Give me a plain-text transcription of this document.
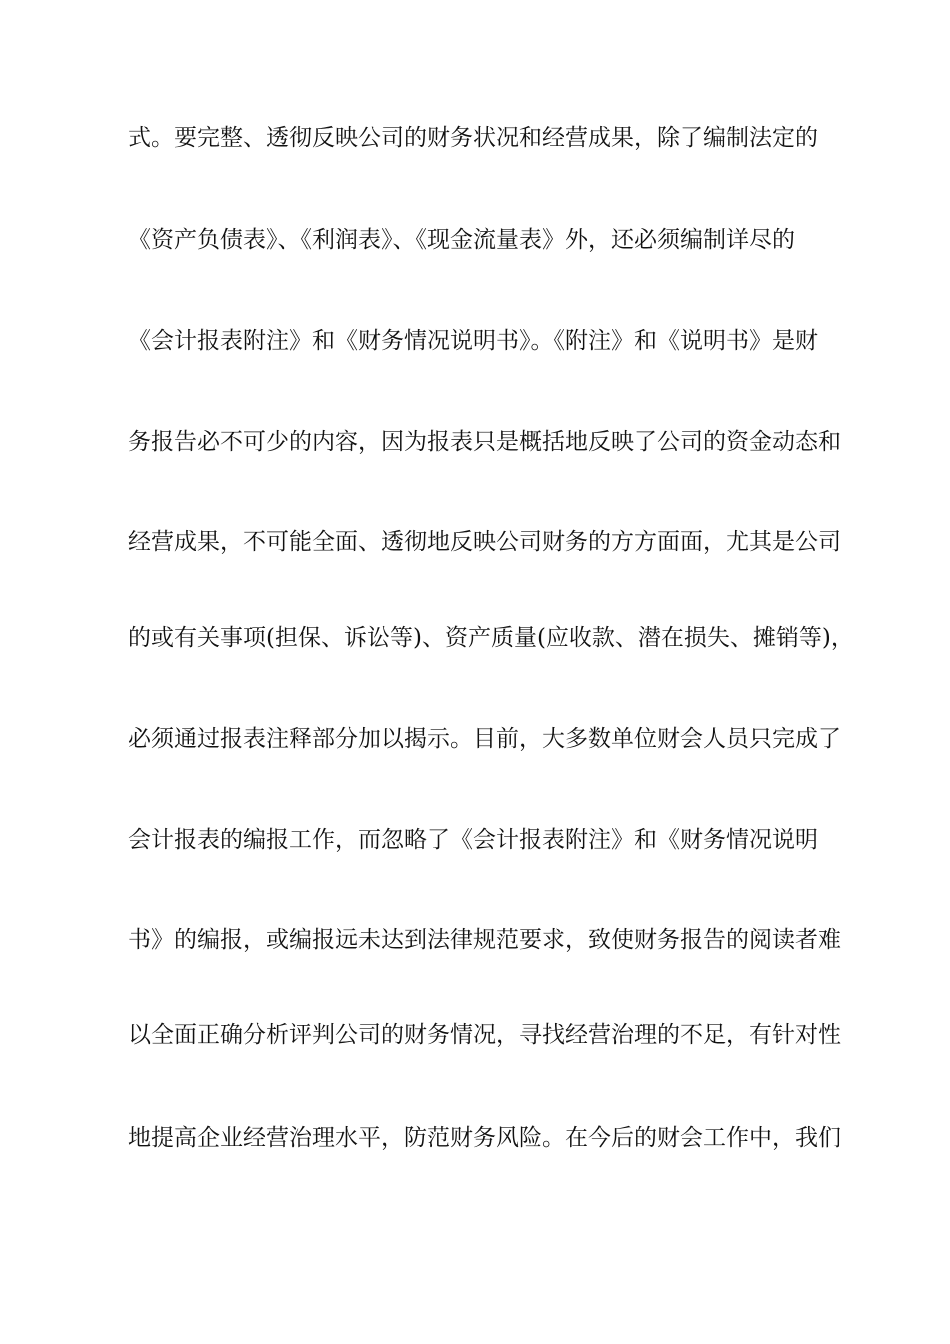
式。要完整、透彻反映公司的财务状况和经营成果，除了编制法定的
《资产负债表》、《利润表》、《现金流量表》外，还必须编制详尽的
《会计报表附注》和《财务情况说明书》。《附注》和《说明书》是财
务报告必不可少的内容，因为报表只是概括地反映了公司的资金动态和
经营成果，不可能全面、透彻地反映公司财务的方方面面，尤其是公司
的或有关事项(担保、诉讼等)、资产质量(应收款、潜在损失、摊销等)，
必须通过报表注释部分加以揭示。目前，大多数单位财会人员只完成了
会计报表的编报工作，而忽略了《会计报表附注》和《财务情况说明
书》的编报，或编报远未达到法律规范要求，致使财务报告的阅读者难
以全面正确分析评判公司的财务情况，寻找经营治理的不足，有针对性
地提高企业经营治理水平，防范财务风险。在今后的财会工作中，我们
